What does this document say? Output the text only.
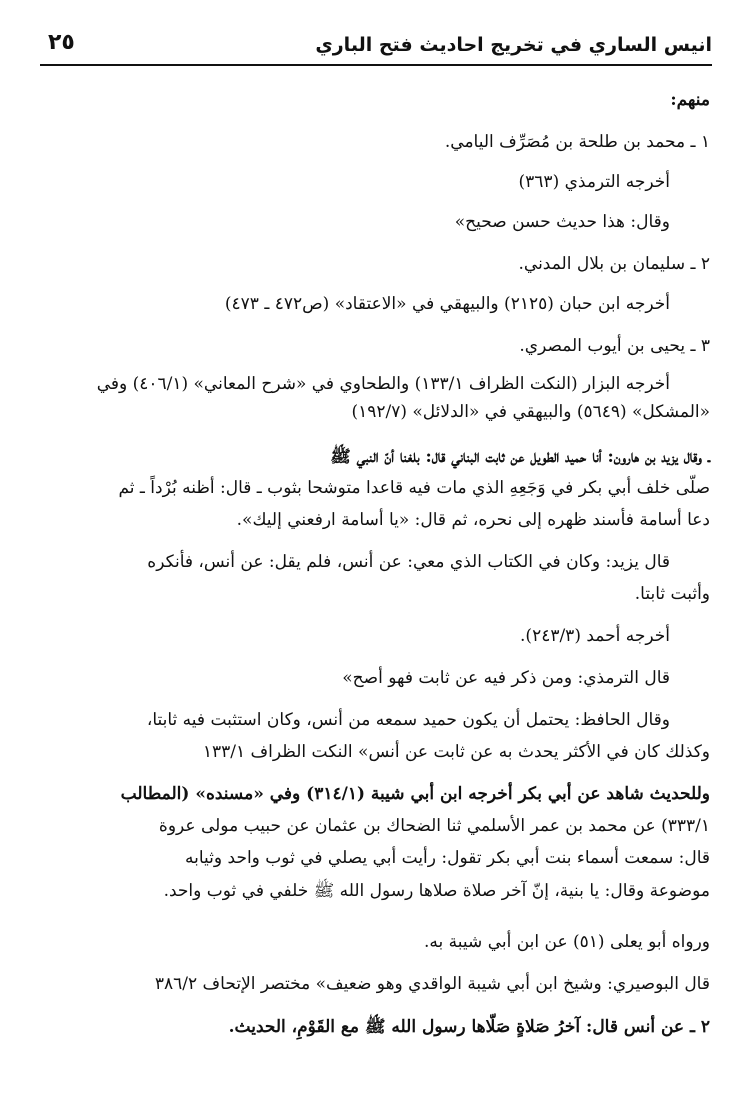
انيس الساري في تخريج احاديث فتح الباري
٢٥
منهم:
١ ـ محمد بن طلحة بن مُصَرِّف اليامي.
أخرجه الترمذي (٣٦٣)
وقال: هذا حديث حسن صحيح»
٢ ـ سليمان بن بلال المدني.
أخرجه ابن حبان (٢١٢٥) والبيهقي في «الاعتقاد» (ص٤٧٢ ـ ٤٧٣)
٣ ـ يحيى بن أيوب المصري.
أخرجه البزار (النكت الظراف ١٣٣/١) والطحاوي في «شرح المعاني» (٤٠٦/١) وفي
«المشكل» (٥٦٤٩) والبيهقي في «الدلائل» (١٩٢/٧)
ـ وقال يزيد بن هارون: أنا حميد الطويل عن ثابت البناني قال: بلغنا أنّ النبي ﷺ
صلّى خلف أبي بكر في وَجَعِهِ الذي مات فيه قاعدا متوشحا بثوب ـ قال: أظنه بُرْداً ـ ثم
دعا أسامة فأسند ظهره إلى نحره، ثم قال: «يا أسامة ارفعني إليك».
قال يزيد: وكان في الكتاب الذي معي: عن أنس، فلم يقل: عن أنس، فأنكره
وأثبت ثابتا.
أخرجه أحمد (٢٤٣/٣).
قال الترمذي: ومن ذكر فيه عن ثابت فهو أصح»
وقال الحافظ: يحتمل أن يكون حميد سمعه من أنس، وكان استثبت فيه ثابتا،
وكذلك كان في الأكثر يحدث به عن ثابت عن أنس» النكت الظراف ١٣٣/١
وللحديث شاهد عن أبي بكر أخرجه ابن أبي شيبة (٣١٤/١) وفي «مسنده» (المطالب
٣٣٣/١) عن محمد بن عمر الأسلمي ثنا الضحاك بن عثمان عن حبيب مولى عروة
قال: سمعت أسماء بنت أبي بكر تقول: رأيت أبي يصلي في ثوب واحد وثيابه
موضوعة وقال: يا بنية، إنّ آخر صلاة صلاها رسول الله ﷺ خلفي في ثوب واحد.
ورواه أبو يعلى (٥١) عن ابن أبي شيبة به.
قال البوصيري: وشيخ ابن أبي شيبة الواقدي وهو ضعيف» مختصر الإتحاف ٣٨٦/٢
٢ ـ عن أنس قال: آخرُ صَلاةٍ صَلّاها رسول الله ﷺ مع القَوْمِ، الحديث.
